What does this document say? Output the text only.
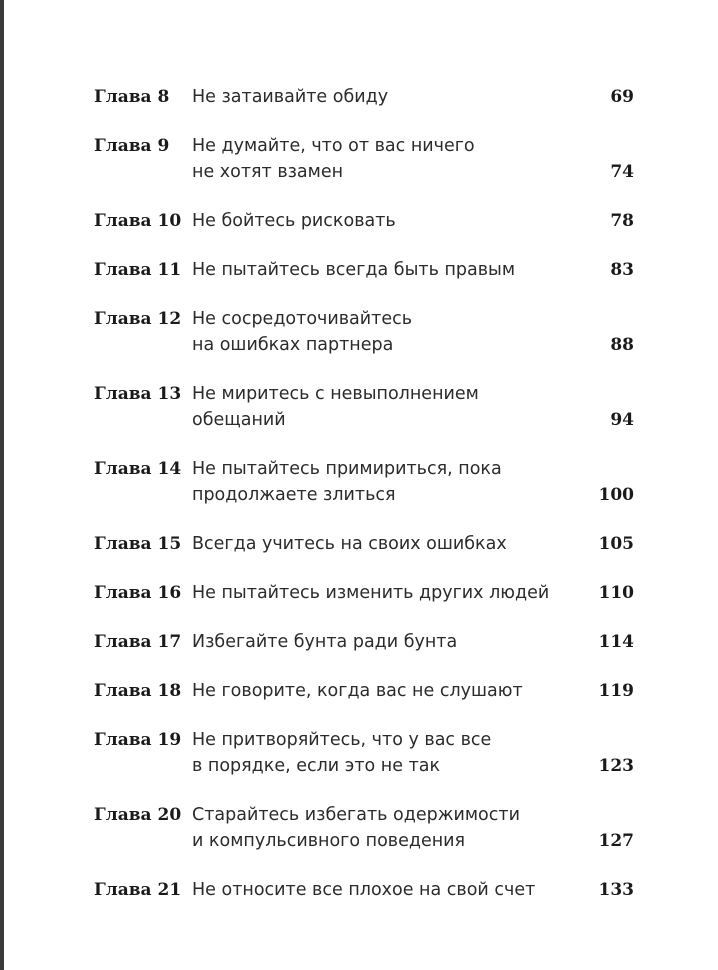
Глава 8	Не затаивайте обиду	69
Глава 9	Не думайте, что от вас ничего
не хотят взамен	74
Глава 10 Не бойтесь рисковать	78
Глава 11 Не пытайтесь всегда быть правым	83
Глава 12 Не сосредоточивайтесь
на ошибках партнера	88
Глава 13 Не миритесь с невыполнением
обещаний	94
Глава 14 Не пытайтесь примириться, пока
продолжаете злиться	100
Глава 15 Всегда учитесь на своих ошибках	105
Глава 16 Не пытайтесь изменить других людей	110
Глава 17 Избегайте бунта ради бунта	114
Глава 18 Не говорите, когда вас не слушают	119
Глава 19 Не притворяйтесь, что у вас все
в порядке, если это не так	123
Глава 20 Старайтесь избегать одержимости
и компульсивного поведения	127
Глава 21 Не относите все плохое на свой счет	133
